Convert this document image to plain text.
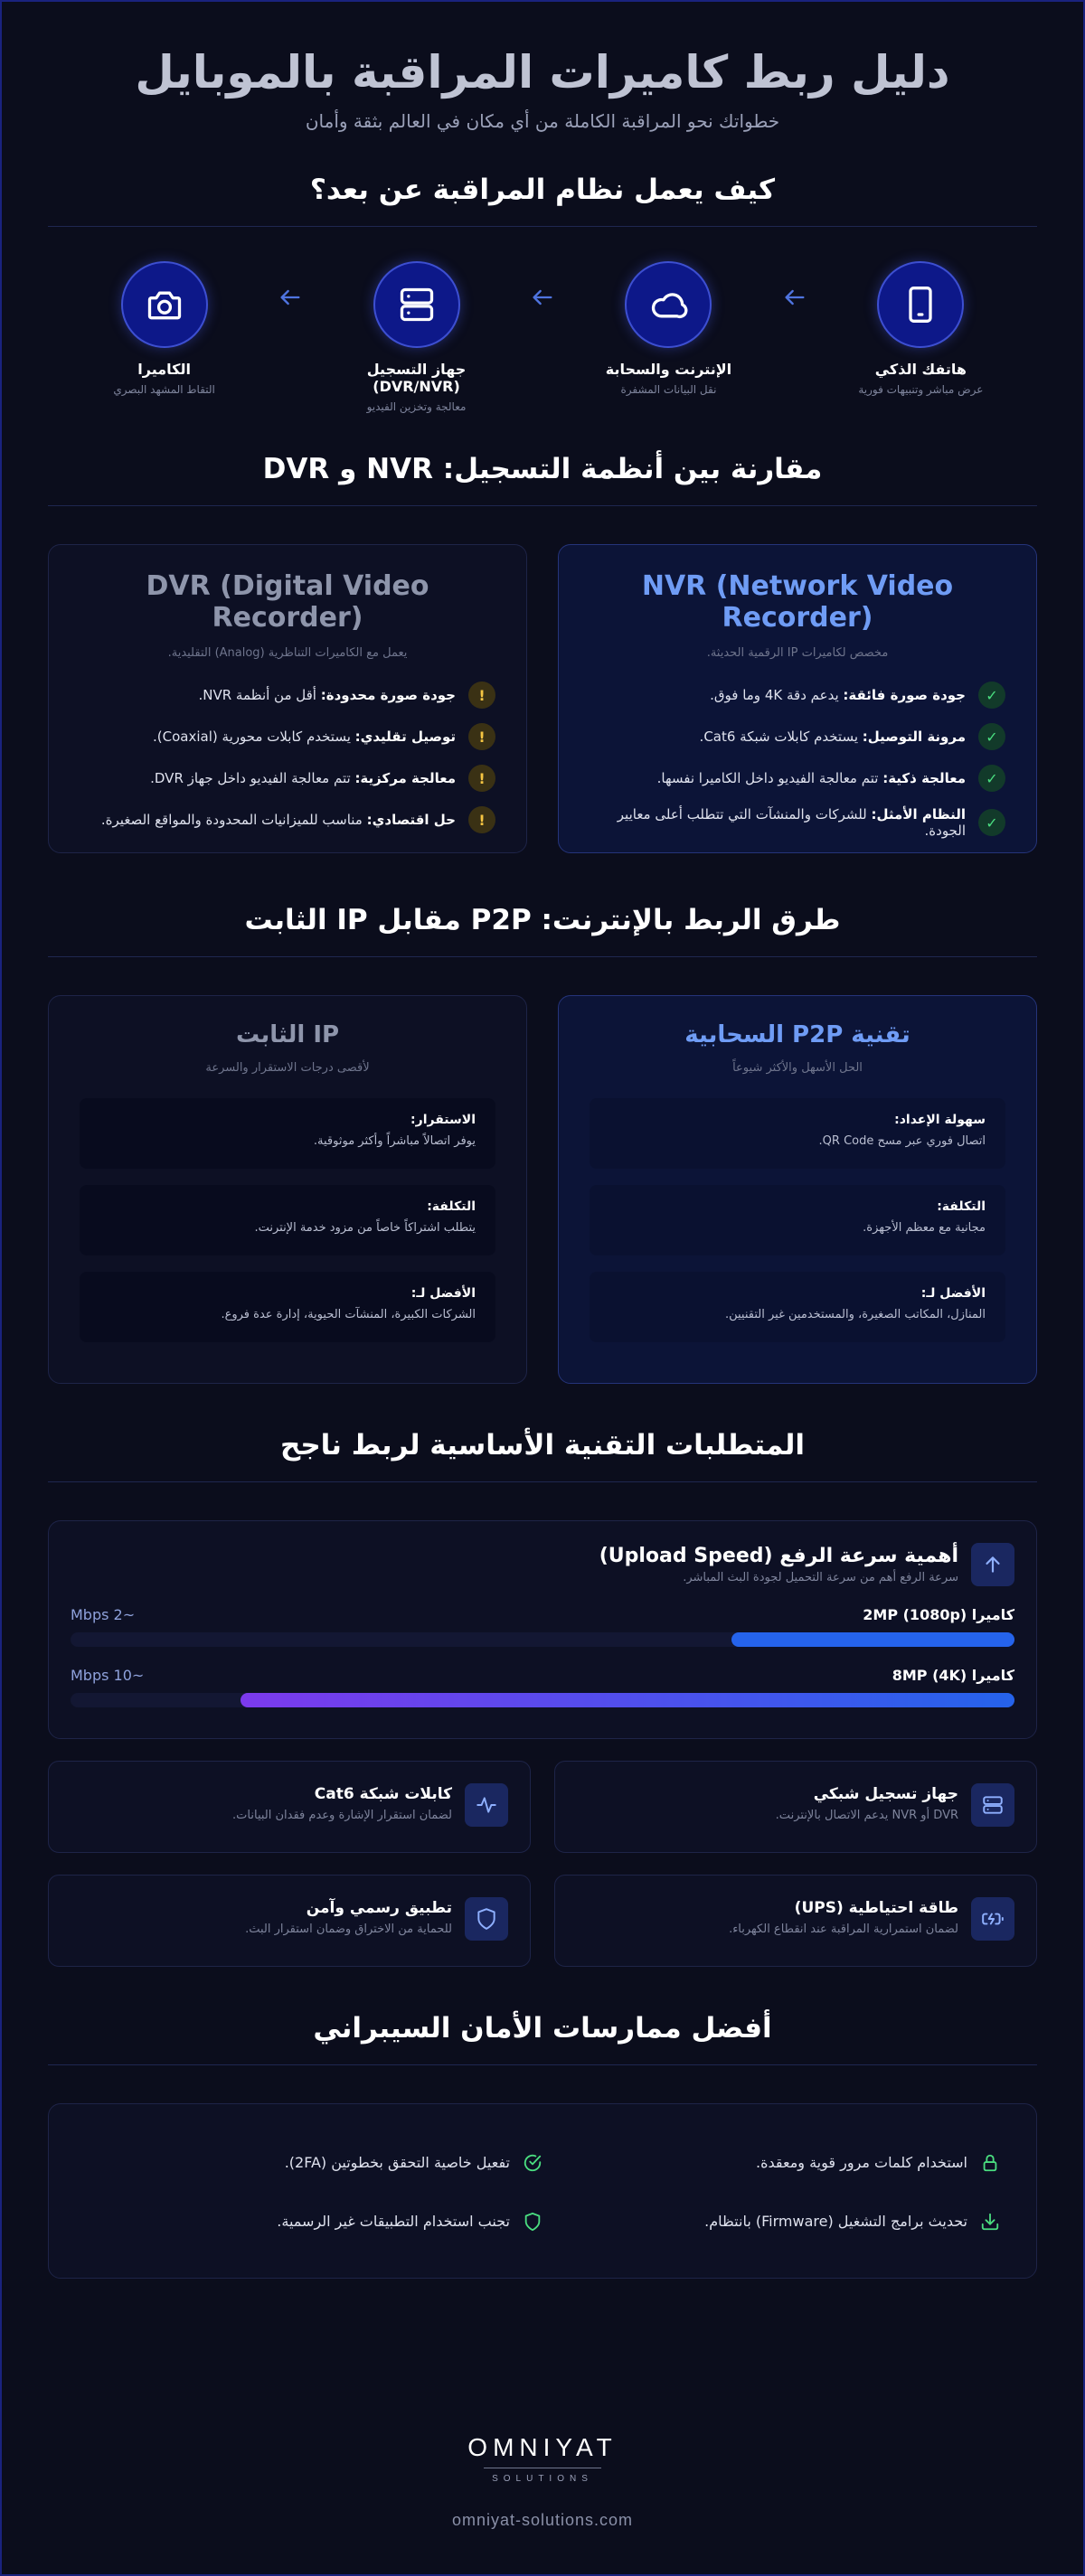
دليل ربط كاميرات المراقبة بالموبايل
خطواتك نحو المراقبة الكاملة من أي مكان في العالم بثقة وأمان
كيف يعمل نظام المراقبة عن بعد؟
هاتفك الذكي
عرض مباشر وتنبيهات فورية
الإنترنت والسحابة
نقل البيانات المشفرة
جهاز التسجيل (DVR/NVR)
معالجة وتخزين الفيديو
الكاميرا
التقاط المشهد البصري
مقارنة بين أنظمة التسجيل: NVR و DVR
NVR (Network Video Recorder)
مخصص لكاميرات IP الرقمية الحديثة.
✓
جودة صورة فائقة: يدعم دقة 4K وما فوق.
✓
مرونة التوصيل: يستخدم كابلات شبكة Cat6.
✓
معالجة ذكية: تتم معالجة الفيديو داخل الكاميرا نفسها.
✓
النظام الأمثل: للشركات والمنشآت التي تتطلب أعلى معايير الجودة.
DVR (Digital Video Recorder)
يعمل مع الكاميرات التناظرية (Analog) التقليدية.
!
جودة صورة محدودة: أقل من أنظمة NVR.
!
توصيل تقليدي: يستخدم كابلات محورية (Coaxial).
!
معالجة مركزية: تتم معالجة الفيديو داخل جهاز DVR.
!
حل اقتصادي: مناسب للميزانيات المحدودة والمواقع الصغيرة.
طرق الربط بالإنترنت: P2P مقابل IP الثابت
تقنية P2P السحابية
الحل الأسهل والأكثر شيوعاً
سهولة الإعداد:
اتصال فوري عبر مسح QR Code.
التكلفة:
مجانية مع معظم الأجهزة.
الأفضل لـ:
المنازل، المكاتب الصغيرة، والمستخدمين غير التقنيين.
IP الثابت
لأقصى درجات الاستقرار والسرعة
الاستقرار:
يوفر اتصالاً مباشراً وأكثر موثوقية.
التكلفة:
يتطلب اشتراكاً خاصاً من مزود خدمة الإنترنت.
الأفضل لـ:
الشركات الكبيرة، المنشآت الحيوية، إدارة عدة فروع.
المتطلبات التقنية الأساسية لربط ناجح
أهمية سرعة الرفع (Upload Speed)
سرعة الرفع أهم من سرعة التحميل لجودة البث المباشر.
كاميرا 2MP (1080p)
~2 Mbps
كاميرا 8MP (4K)
~10 Mbps
جهاز تسجيل شبكي
DVR أو NVR يدعم الاتصال بالإنترنت.
كابلات شبكة Cat6
لضمان استقرار الإشارة وعدم فقدان البيانات.
طاقة احتياطية (UPS)
لضمان استمرارية المراقبة عند انقطاع الكهرباء.
تطبيق رسمي وآمن
للحماية من الاختراق وضمان استقرار البث.
أفضل ممارسات الأمان السيبراني
استخدام كلمات مرور قوية ومعقدة.
تفعيل خاصية التحقق بخطوتين (2FA).
تحديث برامج التشغيل (Firmware) بانتظام.
تجنب استخدام التطبيقات غير الرسمية.
OMNIYAT
SOLUTIONS
omniyat-solutions.com
